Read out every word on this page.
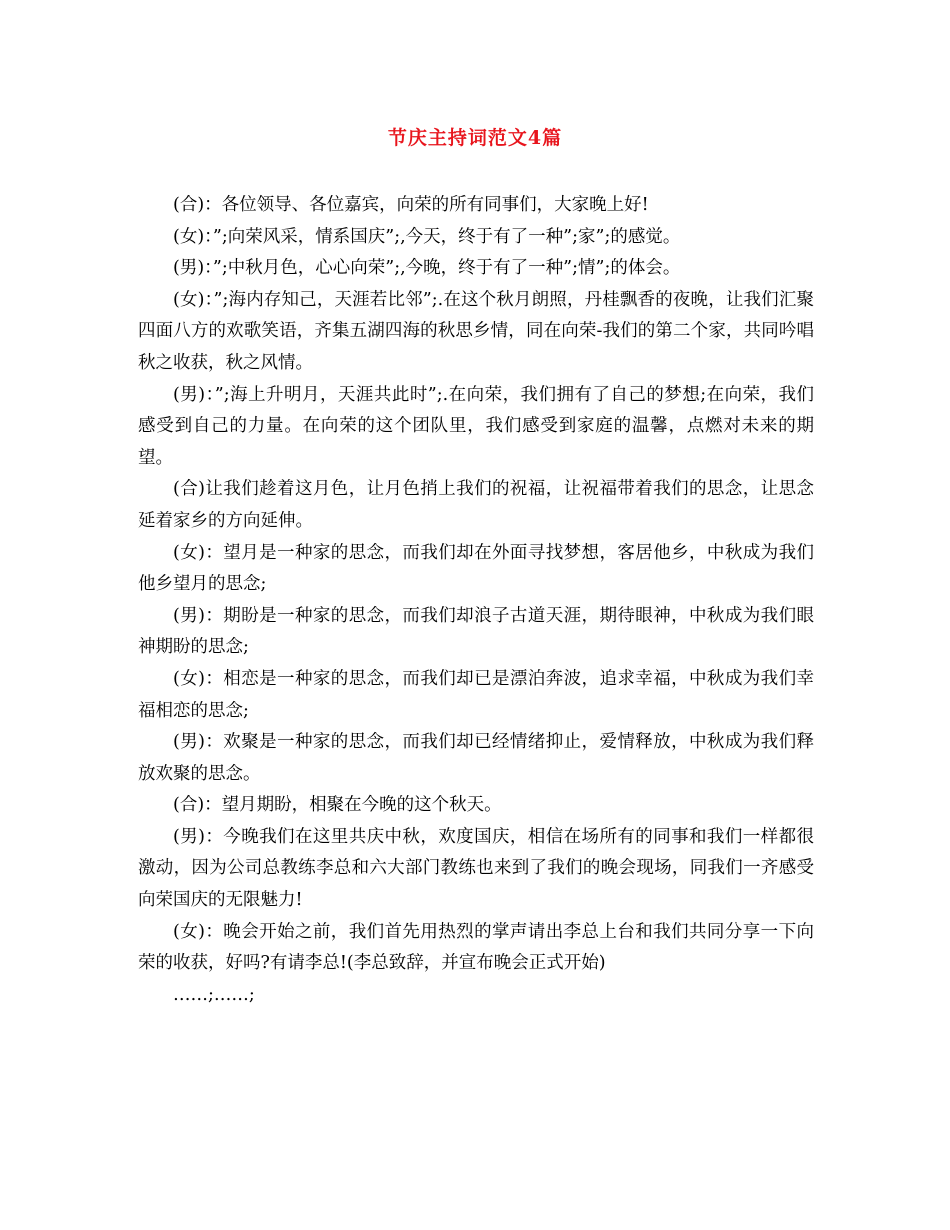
节庆主持词范文4篇

(合)：各位领导、各位嘉宾，向荣的所有同事们，大家晚上好!

(女)：”;向荣风采，情系国庆”;,今天，终于有了一种”;家”;的感觉。

(男)：”;中秋月色，心心向荣”;,今晚，终于有了一种”;情”;的体会。

(女)：”;海内存知己，天涯若比邻”;.在这个秋月朗照，丹桂飘香的夜晚，让我们汇聚四面八方的欢歌笑语，齐集五湖四海的秋思乡情，同在向荣-我们的第二个家，共同吟唱秋之收获，秋之风情。

(男)：”;海上升明月，天涯共此时”;.在向荣，我们拥有了自己的梦想;在向荣，我们感受到自己的力量。在向荣的这个团队里，我们感受到家庭的温馨，点燃对未来的期望。

(合)让我们趁着这月色，让月色捎上我们的祝福，让祝福带着我们的思念，让思念延着家乡的方向延伸。

(女)：望月是一种家的思念，而我们却在外面寻找梦想，客居他乡，中秋成为我们他乡望月的思念;

(男)：期盼是一种家的思念，而我们却浪子古道天涯，期待眼神，中秋成为我们眼神期盼的思念;

(女)：相恋是一种家的思念，而我们却已是漂泊奔波，追求幸福，中秋成为我们幸福相恋的思念;

(男)：欢聚是一种家的思念，而我们却已经情绪抑止，爱情释放，中秋成为我们释放欢聚的思念。

(合)：望月期盼，相聚在今晚的这个秋天。

(男)：今晚我们在这里共庆中秋，欢度国庆，相信在场所有的同事和我们一样都很激动，因为公司总教练李总和六大部门教练也来到了我们的晚会现场，同我们一齐感受向荣国庆的无限魅力!

(女)：晚会开始之前，我们首先用热烈的掌声请出李总上台和我们共同分享一下向荣的收获，好吗?有请李总!(李总致辞，并宣布晚会正式开始)

……;……;
